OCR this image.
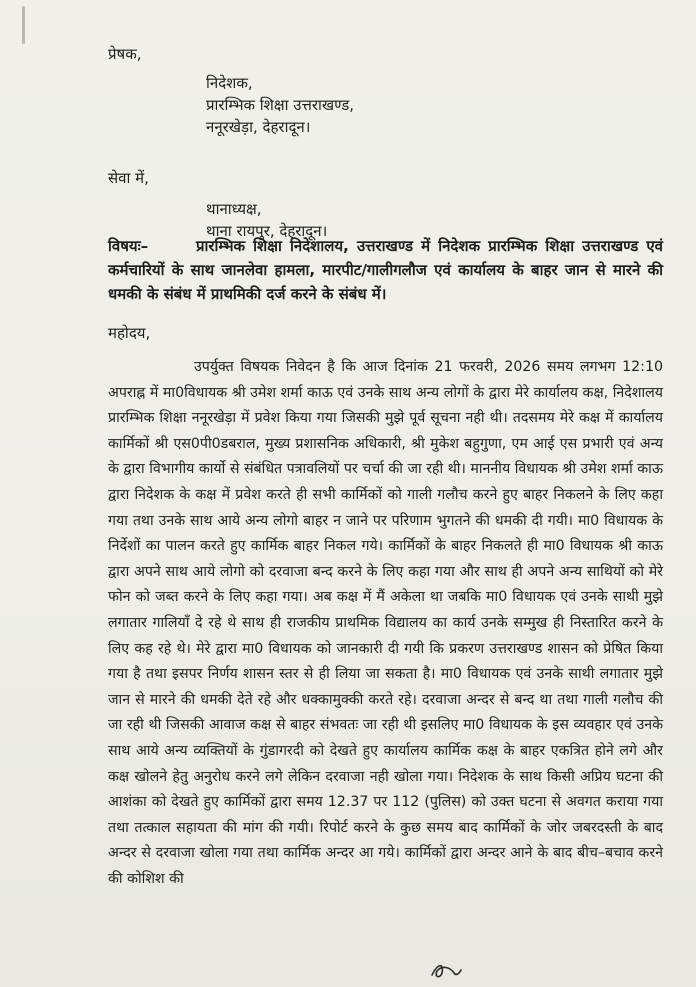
प्रेषक,
निदेशक,
प्रारम्भिक शिक्षा उत्तराखण्ड,
ननूरखेड़ा, देहरादून।
सेवा में,
थानाध्यक्ष,
थाना रायपुर, देहरादून।
विषयः–	प्रारम्भिक शिक्षा निदेशालय, उत्तराखण्ड में निदेशक प्रारम्भिक शिक्षा उत्तराखण्ड एवं कर्मचारियों के साथ जानलेवा हामला, मारपीट/गालीगलौज एवं कार्यालय के बाहर जान से मारने की धमकी के संबंध में प्राथमिकी दर्ज करने के संबंध में।
महोदय,
उपर्युक्त विषयक निवेदन है कि आज दिनांक 21 फरवरी, 2026 समय लगभग 12:10 अपराह्न में मा0विधायक श्री उमेश शर्मा काऊ एवं उनके साथ अन्य लोगों के द्वारा मेरे कार्यालय कक्ष, निदेशालय प्रारम्भिक शिक्षा ननूरखेड़ा में प्रवेश किया गया जिसकी मुझे पूर्व सूचना नही थी। तदसमय मेरे कक्ष में कार्यालय कार्मिकों श्री एस0पी0डबराल, मुख्य प्रशासनिक अधिकारी, श्री मुकेश बहुगुणा, एम आई एस प्रभारी एवं अन्य के द्वारा विभागीय कार्यो से संबंधित पत्रावलियों पर चर्चा की जा रही थी। माननीय विधायक श्री उमेश शर्मा काऊ द्वारा निदेशक के कक्ष में प्रवेश करते ही सभी कार्मिकों को गाली गलौच करने हुए बाहर निकलने के लिए कहा गया तथा उनके साथ आये अन्य लोगो बाहर न जाने पर परिणाम भुगतने की धमकी दी गयी। मा0 विधायक के निर्देशों का पालन करते हुए कार्मिक बाहर निकल गये। कार्मिकों के बाहर निकलते ही मा0 विधायक श्री काऊ द्वारा अपने साथ आये लोगो को दरवाजा बन्द करने के लिए कहा गया और साथ ही अपने अन्य साथियों को मेरे फोन को जब्त करने के लिए कहा गया। अब कक्ष में मैं अकेला था जबकि मा0 विधायक एवं उनके साथी मुझे लगातार गालियाँ दे रहे थे साथ ही राजकीय प्राथमिक विद्यालय का कार्य उनके सम्मुख ही निस्तारित करने के लिए कह रहे थे। मेरे द्वारा मा0 विधायक को जानकारी दी गयी कि प्रकरण उत्तराखण्ड शासन को प्रेषित किया गया है तथा इसपर निर्णय शासन स्तर से ही लिया जा सकता है। मा0 विधायक एवं उनके साथी लगातार मुझे जान से मारने की धमकी देते रहे और धक्कामुक्की करते रहे। दरवाजा अन्दर से बन्द था तथा गाली गलौच की जा रही थी जिसकी आवाज कक्ष से बाहर संभवतः जा रही थी इसलिए मा0 विधायक के इस व्यवहार एवं उनके साथ आये अन्य व्यक्तियों के गुंडागरदी को देखते हुए कार्यालय कार्मिक कक्ष के बाहर एकत्रित होने लगे और कक्ष खोलने हेतु अनुरोध करने लगे लेकिन दरवाजा नही खोला गया। निदेशक के साथ किसी अप्रिय घटना की आशंका को देखते हुए कार्मिकों द्वारा समय 12.37 पर 112 (पुलिस) को उक्त घटना से अवगत कराया गया तथा तत्काल सहायता की मांग की गयी। रिपोर्ट करने के कुछ समय बाद कार्मिकों के जोर जबरदस्ती के बाद अन्दर से दरवाजा खोला गया तथा कार्मिक अन्दर आ गये। कार्मिकों द्वारा अन्दर आने के बाद बीच–बचाव करने की कोशिश की
